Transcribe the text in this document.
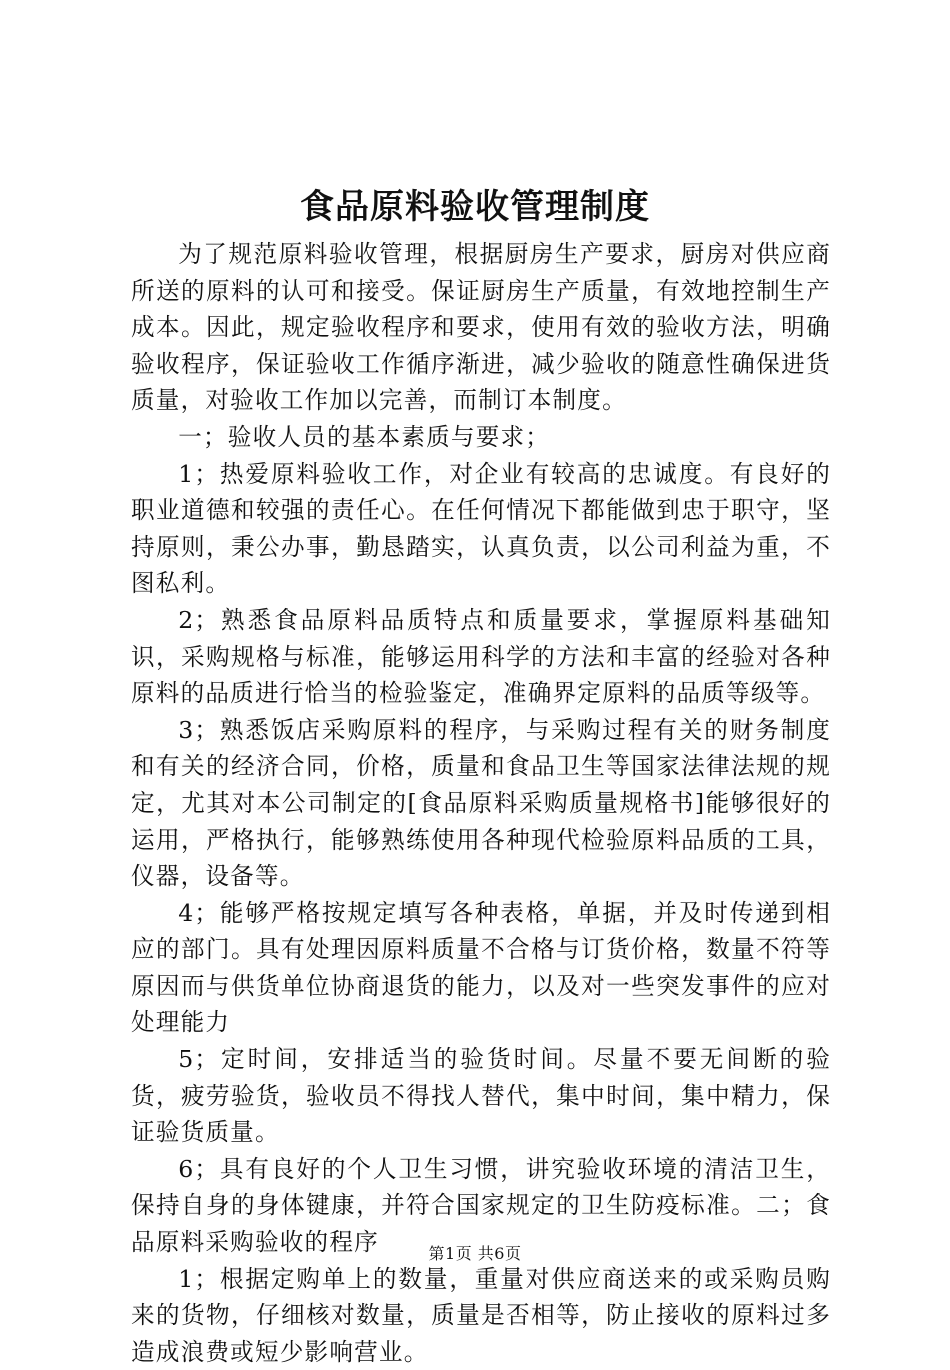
食品原料验收管理制度

为了规范原料验收管理，根据厨房生产要求，厨房对供应商所送的原料的认可和接受。保证厨房生产质量，有效地控制生产成本。因此，规定验收程序和要求，使用有效的验收方法，明确验收程序，保证验收工作循序渐进，减少验收的随意性确保进货质量，对验收工作加以完善，而制订本制度。

一；验收人员的基本素质与要求；

1；热爱原料验收工作，对企业有较高的忠诚度。有良好的职业道德和较强的责任心。在任何情况下都能做到忠于职守，坚持原则，秉公办事，勤恳踏实，认真负责，以公司利益为重，不图私利。

2；熟悉食品原料品质特点和质量要求，掌握原料基础知识，采购规格与标准，能够运用科学的方法和丰富的经验对各种原料的品质进行恰当的检验鉴定，准确界定原料的品质等级等。

3；熟悉饭店采购原料的程序，与采购过程有关的财务制度和有关的经济合同，价格，质量和食品卫生等国家法律法规的规定，尤其对本公司制定的[食品原料采购质量规格书]能够很好的运用，严格执行，能够熟练使用各种现代检验原料品质的工具，仪器，设备等。

4；能够严格按规定填写各种表格，单据，并及时传递到相应的部门。具有处理因原料质量不合格与订货价格，数量不符等原因而与供货单位协商退货的能力，以及对一些突发事件的应对处理能力

5；定时间，安排适当的验货时间。尽量不要无间断的验货，疲劳验货，验收员不得找人替代，集中时间，集中精力，保证验货质量。

6；具有良好的个人卫生习惯，讲究验收环境的清洁卫生，保持自身的身体键康，并符合国家规定的卫生防疫标准。二；食品原料采购验收的程序

1；根据定购单上的数量，重量对供应商送来的或采购员购来的货物，仔细核对数量，质量是否相等，防止接收的原料过多造成浪费或短少影响营业。

第1页 共6页
